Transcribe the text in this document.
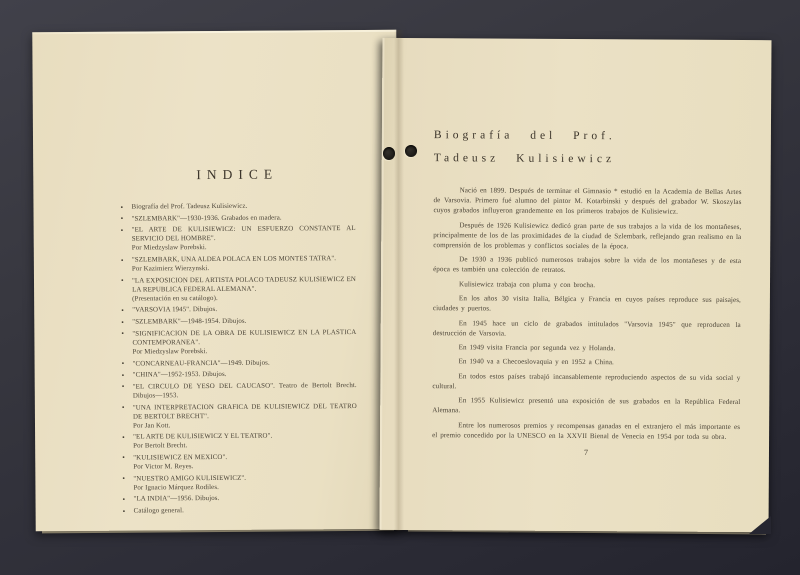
INDICE
• Biografía del Prof. Tadeusz Kulisiewicz.
• "SZLEMBARK"—1930-1936. Grabados en madera.
• "EL ARTE DE KULISIEWICZ: UN ESFUERZO CONSTANTE AL SERVICIO DEL HOMBRE".
Por Miedzyslaw Porebski.
• "SZLEMBARK, UNA ALDEA POLACA EN LOS MONTES TATRA".
Por Kazimierz Wierzynski.
• "LA EXPOSICION DEL ARTISTA POLACO TADEUSZ KULISIEWICZ EN LA REPUBLICA FEDERAL ALEMANA".
(Presentación en su catálogo).
• "VARSOVIA 1945". Dibujos.
• "SZLEMBARK"—1948-1954. Dibujos.
• "SIGNIFICACION DE LA OBRA DE KULISIEWICZ EN LA PLASTICA CONTEMPORANEA".
Por Miedzyslaw Porebski.
• "CONCARNEAU-FRANCIA"—1949. Dibujos.
• "CHINA"—1952-1953. Dibujos.
• "EL CIRCULO DE YESO DEL CAUCASO". Teatro de Bertolt Brecht. Dibujos—1953.
• "UNA INTERPRETACION GRAFICA DE KULISIEWICZ DEL TEATRO DE BERTOLT BRECHT".
Por Jan Kott.
• "EL ARTE DE KULISIEWICZ Y EL TEATRO".
Por Bertolt Brecht.
• "KULISIEWICZ EN MEXICO".
Por Victor M. Reyes.
• "NUESTRO AMIGO KULISIEWICZ".
Por Ignacio Márquez Rodiles.
• "LA INDIA"—1956. Dibujos.
• Catálogo general.
Biografía del Prof.
Tadeusz Kulisiewicz

Nació en 1899. Después de terminar el Gimnasio * estudió en la Academia de Bellas Artes de Varsovia. Primero fué alumno del pintor M. Kotarbinski y después del grabador W. Skoszylas cuyos grabados influyeron grandemente en los primeros trabajos de Kulisiewicz.

Después de 1926 Kulisiewicz dedicó gran parte de sus trabajos a la vida de los montañeses, principalmente de los de las proximidades de la ciudad de Szlembark, reflejando gran realismo en la comprensión de los problemas y conflictos sociales de la época.

De 1930 a 1936 publicó numerosos trabajos sobre la vida de los montañeses y de esta época es también una colección de retratos.

Kulisiewicz trabaja con pluma y con brocha.

En los años 30 visita Italia, Bélgica y Francia en cuyos países reproduce sus paisajes, ciudades y puertos.

En 1945 hace un ciclo de grabados intitulados "Varsovia 1945" que reproducen la destrucción de Varsovia.

En 1949 visita Francia por segunda vez y Holanda.

En 1940 va a Checoeslovaquia y en 1952 a China.

En todos estos países trabajó incansablemente reproduciendo aspectos de su vida social y cultural.

En 1955 Kulisiewicz presentó una exposición de sus grabados en la República Federal Alemana.

Entre los numerosos premios y recompensas ganadas en el extranjero el más importante es el premio concedido por la UNESCO en la XXVII Bienal de Venecia en 1954 por toda su obra.

7
